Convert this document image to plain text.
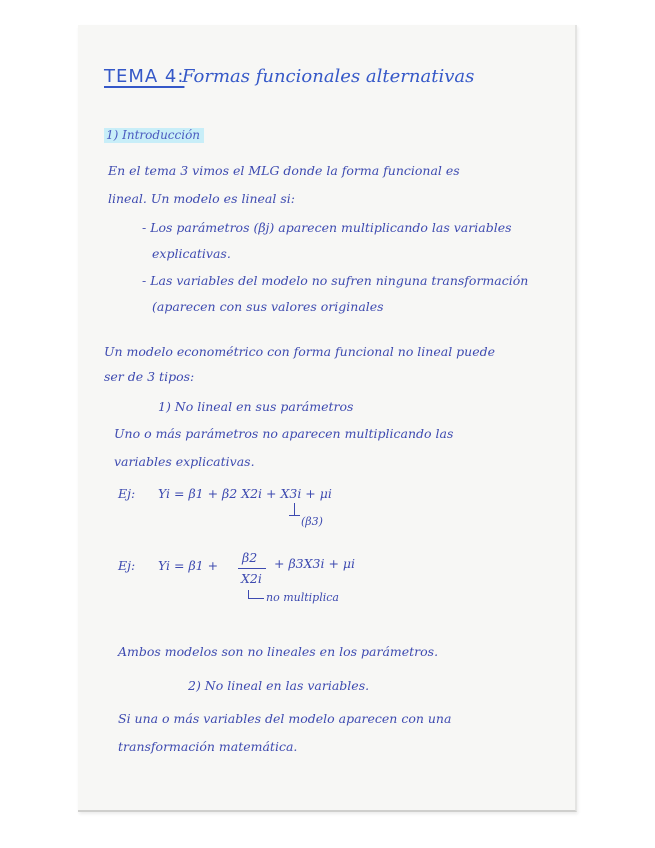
TEMA 4:
Formas funcionales alternativas
1) Introducción
En el tema 3 vimos el MLG donde la forma funcional es
lineal. Un modelo es lineal si:
- Los parámetros (βj) aparecen multiplicando las variables
explicativas.
- Las variables del modelo no sufren ninguna transformación
(aparecen con sus valores originales
Un modelo econométrico con forma funcional no lineal puede
ser de 3 tipos:
1) No lineal en sus parámetros
Uno o más parámetros no aparecen multiplicando las
variables explicativas.
Ej: Yi = β1 + β2 X2i + X3i + μi
(β3)
Ej: Yi = β1 +
β2
X2i
+ β3X3i + μi
no multiplica
Ambos modelos son no lineales en los parámetros.
2) No lineal en las variables.
Si una o más variables del modelo aparecen con una
transformación matemática.
